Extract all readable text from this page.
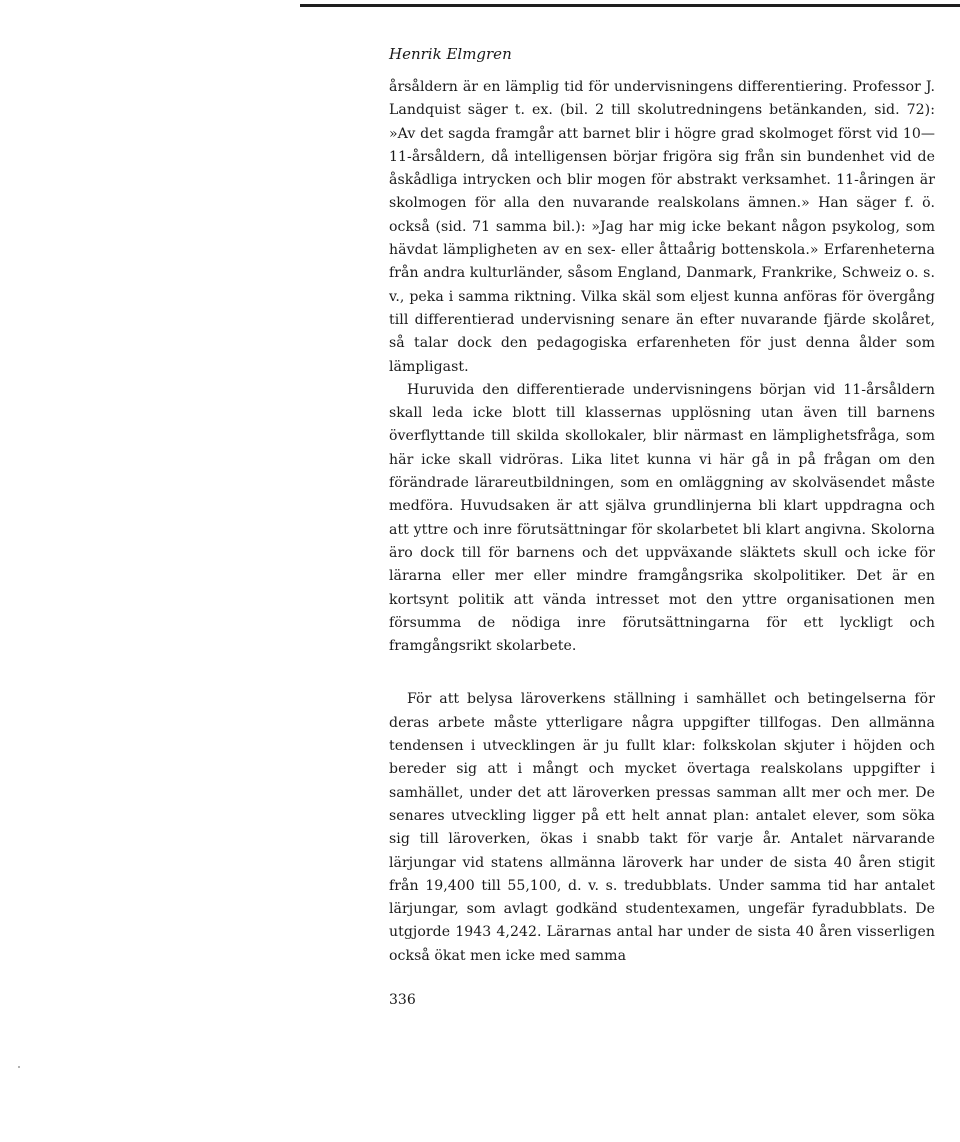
Henrik Elmgren

årsåldern är en lämplig tid för undervisningens differentiering. Professor J. Landquist säger t. ex. (bil. 2 till skolutredningens betänkanden, sid. 72): »Av det sagda framgår att barnet blir i högre grad skolmoget först vid 10—11-årsåldern, då intelligensen börjar frigöra sig från sin bundenhet vid de åskådliga intrycken och blir mogen för abstrakt verksamhet. 11-åringen är skolmogen för alla den nuvarande realskolans ämnen.» Han säger f. ö. också (sid. 71 samma bil.): »Jag har mig icke bekant någon psykolog, som hävdat lämpligheten av en sex- eller åttaårig bottenskola.» Erfarenheterna från andra kulturländer, såsom England, Danmark, Frankrike, Schweiz o. s. v., peka i samma riktning. Vilka skäl som eljest kunna anföras för övergång till differentierad undervisning senare än efter nuvarande fjärde skolåret, så talar dock den pedagogiska erfarenheten för just denna ålder som lämpligast.

Huruvida den differentierade undervisningens början vid 11-årsåldern skall leda icke blott till klassernas upplösning utan även till barnens överflyttande till skilda skollokaler, blir närmast en lämplighetsfråga, som här icke skall vidröras. Lika litet kunna vi här gå in på frågan om den förändrade lärareutbildningen, som en omläggning av skolväsendet måste medföra. Huvudsaken är att själva grundlinjerna bli klart uppdragna och att yttre och inre förutsättningar för skolarbetet bli klart angivna. Skolorna äro dock till för barnens och det uppväxande släktets skull och icke för lärarna eller mer eller mindre framgångsrika skolpolitiker. Det är en kortsynt politik att vända intresset mot den yttre organisationen men försumma de nödiga inre förutsättningarna för ett lyckligt och framgångsrikt skolarbete.

För att belysa läroverkens ställning i samhället och betingelserna för deras arbete måste ytterligare några uppgifter tillfogas. Den allmänna tendensen i utvecklingen är ju fullt klar: folkskolan skjuter i höjden och bereder sig att i mångt och mycket övertaga realskolans uppgifter i samhället, under det att läroverken pressas samman allt mer och mer. De senares utveckling ligger på ett helt annat plan: antalet elever, som söka sig till läroverken, ökas i snabb takt för varje år. Antalet närvarande lärjungar vid statens allmänna läroverk har under de sista 40 åren stigit från 19,400 till 55,100, d. v. s. tredubblats. Under samma tid har antalet lärjungar, som avlagt godkänd studentexamen, ungefär fyradubblats. De utgjorde 1943 4,242. Lärarnas antal har under de sista 40 åren visserligen också ökat men icke med samma

336
